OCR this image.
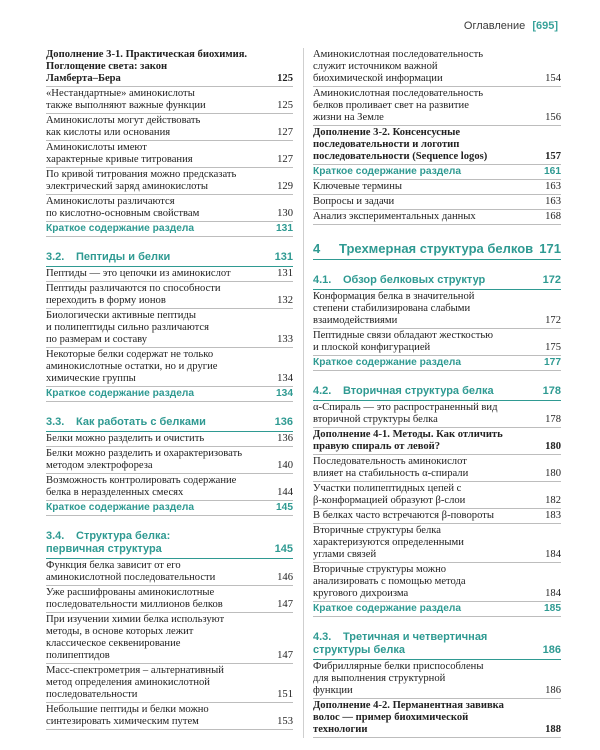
Оглавление [695]
Дополнение 3-1. Практическая биохимия.
Поглощение света: закон
Ламберта–Бера	125
«Нестандартные» аминокислоты
также выполняют важные функции	125
Аминокислоты могут действовать
как кислоты или основания	127
Аминокислоты имеют
характерные кривые титрования	127
По кривой титрования можно предсказать
электрический заряд аминокислоты	129
Аминокислоты различаются
по кислотно-основным свойствам	130
Краткое содержание раздела	131
3.2. Пептиды и белки	131
Пептиды — это цепочки из аминокислот	131
Пептиды различаются по способности
переходить в форму ионов	132
Биологически активные пептиды
и полипептиды сильно различаются
по размерам и составу	133
Некоторые белки содержат не только
аминокислотные остатки, но и другие
химические группы	134
Краткое содержание раздела	134
3.3. Как работать с белками	136
Белки можно разделить и очистить	136
Белки можно разделить и охарактеризовать
методом электрофореза	140
Возможность контролировать содержание
белка в неразделенных смесях	144
Краткое содержание раздела	145
3.4. Структура белка:
первичная структура	145
Функция белка зависит от его
аминокислотной последовательности	146
Уже расшифрованы аминокислотные
последовательности миллионов белков	147
При изучении химии белка используют
методы, в основе которых лежит
классическое секвенирование
полипептидов	147
Масс-спектрометрия – альтернативный
метод определения аминокислотной
последовательности	151
Небольшие пептиды и белки можно
синтезировать химическим путем	153
Аминокислотная последовательность
служит источником важной
биохимической информации	154
Аминокислотная последовательность
белков проливает свет на развитие
жизни на Земле	156
Дополнение 3-2. Консенсусные
последовательности и логотип
последовательности (Sequence logos)	157
Краткое содержание раздела	161
Ключевые термины	163
Вопросы и задачи	163
Анализ экспериментальных данных	168
4 Трехмерная структура белков 171
4.1. Обзор белковых структур	172
Конформация белка в значительной
степени стабилизирована слабыми
взаимодействиями	172
Пептидные связи обладают жесткостью
и плоской конфигурацией	175
Краткое содержание раздела	177
4.2. Вторичная структура белка	178
α-Спираль — это распространенный вид
вторичной структуры белка	178
Дополнение 4-1. Методы. Как отличить
правую спираль от левой?	180
Последовательность аминокислот
влияет на стабильность α-спирали	180
Участки полипептидных цепей с
β-конформацией образуют β-слои	182
В белках часто встречаются β-повороты	183
Вторичные структуры белка
характеризуются определенными
углами связей	184
Вторичные структуры можно
анализировать с помощью метода
кругового дихроизма	184
Краткое содержание раздела	185
4.3. Третичная и четвертичная
структуры белка	186
Фибриллярные белки приспособлены
для выполнения структурной
функции	186
Дополнение 4-2. Перманентная завивка
волос — пример биохимической
технологии	188
